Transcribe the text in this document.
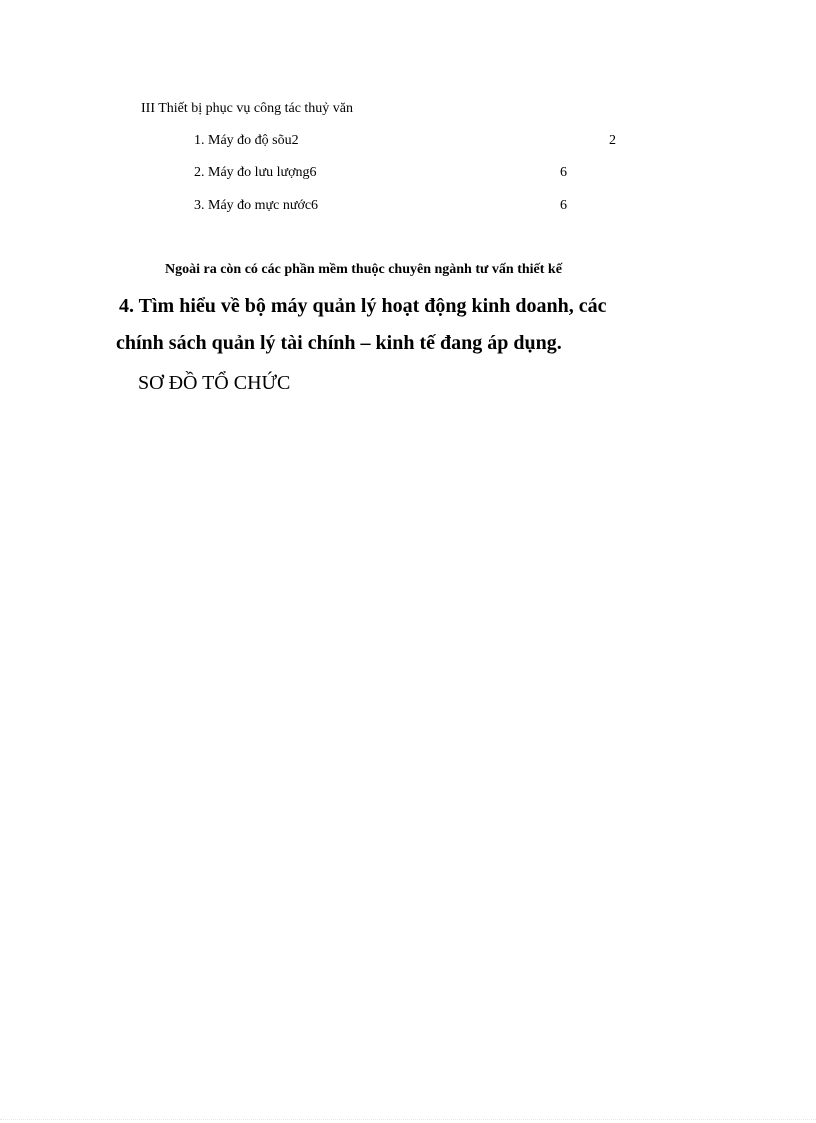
III Thiết bị phục vụ công tác thuỷ văn
1. Máy đo độ sõu2	2
2. Máy đo lưu lượng6	6
3. Máy đo mực nước6	6
Ngoài ra còn có các phần mềm thuộc chuyên ngành tư vấn thiết kế
4. Tìm hiểu về bộ máy quản lý hoạt động kinh doanh, các
chính sách quản lý tài chính – kinh tế đang áp dụng.
SƠ ĐỒ TỔ CHỨC
